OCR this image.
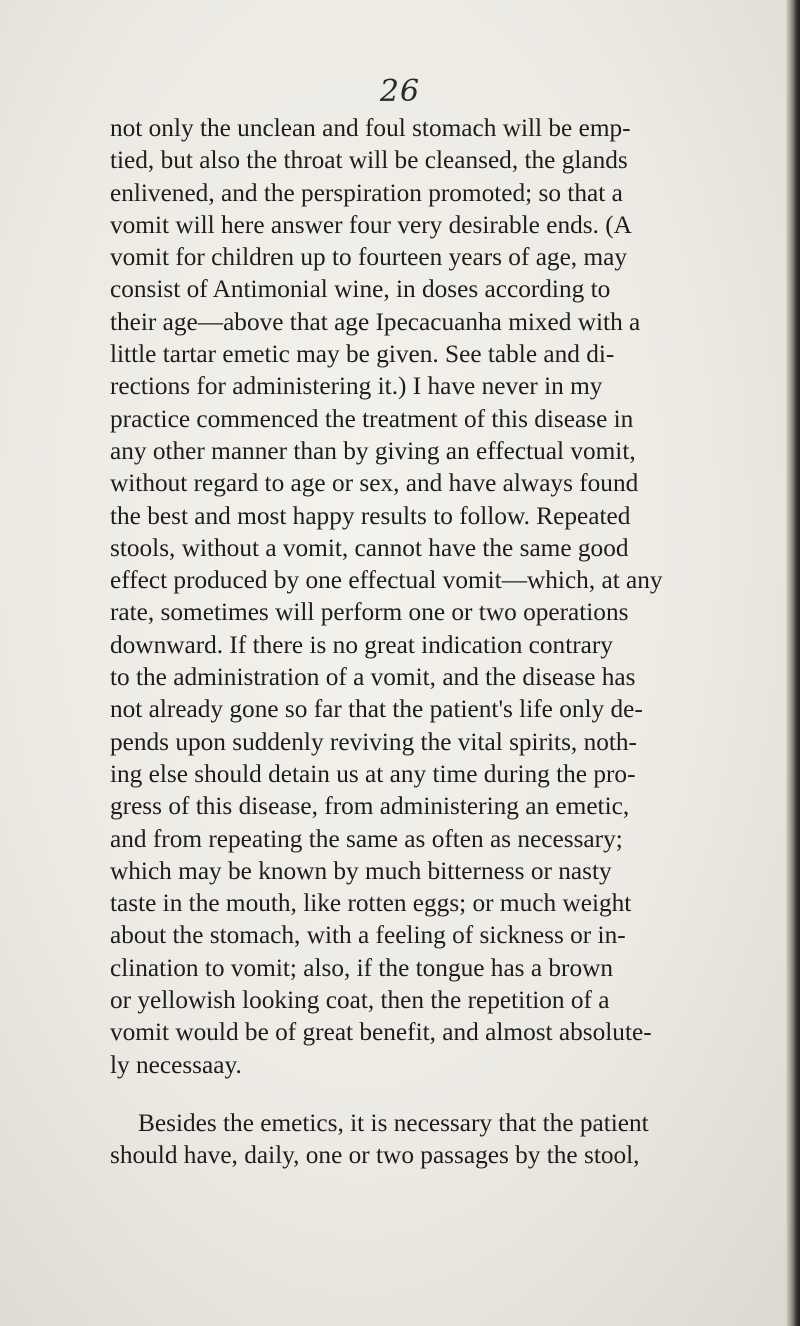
26
not only the unclean and foul stomach will be emp-
tied, but also the throat will be cleansed, the glands
enlivened, and the perspiration promoted; so that a
vomit will here answer four very desirable ends. (A
vomit for children up to fourteen years of age, may
consist of Antimonial wine, in doses according to
their age—above that age Ipecacuanha mixed with a
little tartar emetic may be given. See table and di-
rections for administering it.) I have never in my
practice commenced the treatment of this disease in
any other manner than by giving an effectual vomit,
without regard to age or sex, and have always found
the best and most happy results to follow. Repeated
stools, without a vomit, cannot have the same good
effect produced by one effectual vomit—which, at any
rate, sometimes will perform one or two operations
downward. If there is no great indication contrary
to the administration of a vomit, and the disease has
not already gone so far that the patient's life only de-
pends upon suddenly reviving the vital spirits, noth-
ing else should detain us at any time during the pro-
gress of this disease, from administering an emetic,
and from repeating the same as often as necessary;
which may be known by much bitterness or nasty
taste in the mouth, like rotten eggs; or much weight
about the stomach, with a feeling of sickness or in-
clination to vomit; also, if the tongue has a brown
or yellowish looking coat, then the repetition of a
vomit would be of great benefit, and almost absolute-
ly necessaay.
Besides the emetics, it is necessary that the patient
should have, daily, one or two passages by the stool,
